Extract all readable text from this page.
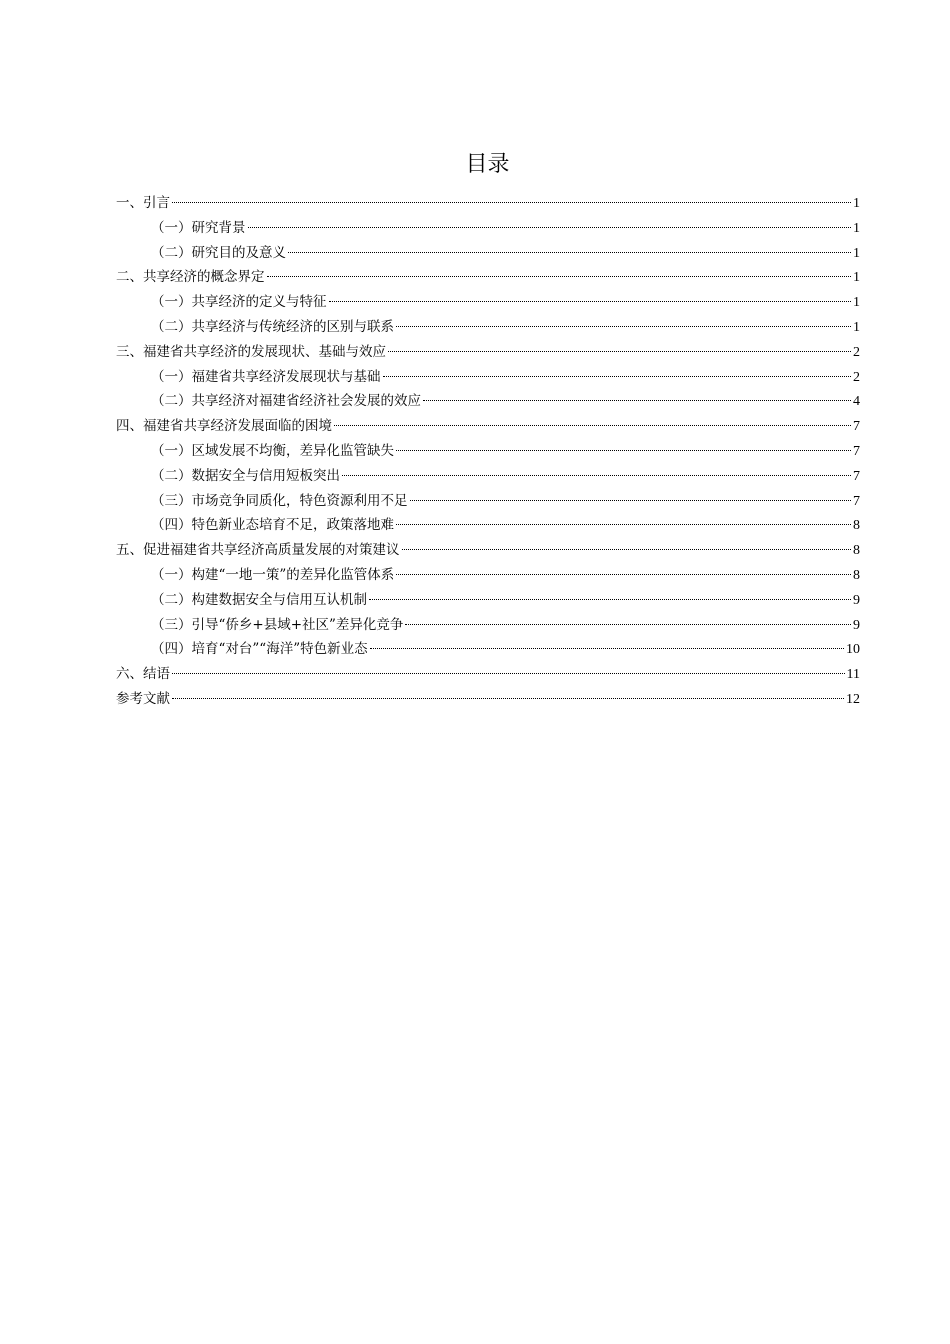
目录
一、引言	1
（一）研究背景	1
（二）研究目的及意义	1
二、共享经济的概念界定	1
（一）共享经济的定义与特征	1
（二）共享经济与传统经济的区别与联系	1
三、福建省共享经济的发展现状、基础与效应	2
（一）福建省共享经济发展现状与基础	2
（二）共享经济对福建省经济社会发展的效应	4
四、福建省共享经济发展面临的困境	7
（一）区域发展不均衡，差异化监管缺失	7
（二）数据安全与信用短板突出	7
（三）市场竞争同质化，特色资源利用不足	7
（四）特色新业态培育不足，政策落地难	8
五、促进福建省共享经济高质量发展的对策建议	8
（一）构建“一地一策”的差异化监管体系	8
（二）构建数据安全与信用互认机制	9
（三）引导“侨乡+县域+社区”差异化竞争	9
（四）培育“对台”“海洋”特色新业态	10
六、结语	11
参考文献	12
